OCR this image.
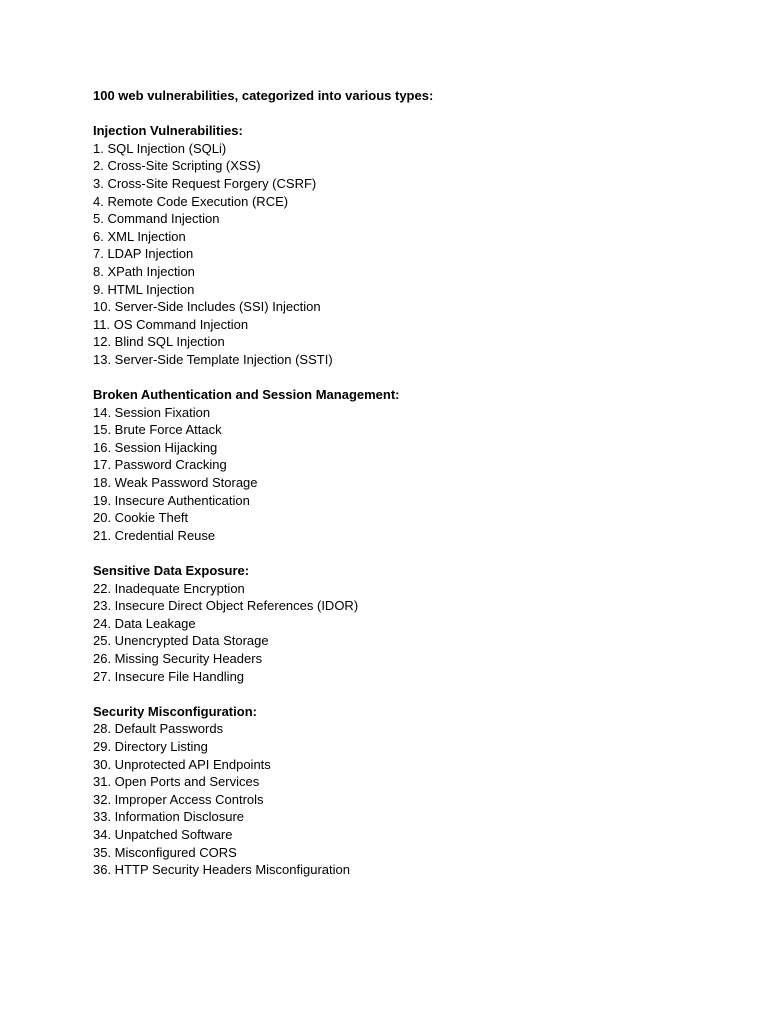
100 web vulnerabilities, categorized into various types:

Injection Vulnerabilities:

1. SQL Injection (SQLi)
2. Cross-Site Scripting (XSS)
3. Cross-Site Request Forgery (CSRF)
4. Remote Code Execution (RCE)
5. Command Injection
6. XML Injection
7. LDAP Injection
8. XPath Injection
9. HTML Injection
10. Server-Side Includes (SSI) Injection
11. OS Command Injection
12. Blind SQL Injection
13. Server-Side Template Injection (SSTI)

Broken Authentication and Session Management:

14. Session Fixation
15. Brute Force Attack
16. Session Hijacking
17. Password Cracking
18. Weak Password Storage
19. Insecure Authentication
20. Cookie Theft
21. Credential Reuse

Sensitive Data Exposure:

22. Inadequate Encryption
23. Insecure Direct Object References (IDOR)
24. Data Leakage
25. Unencrypted Data Storage
26. Missing Security Headers
27. Insecure File Handling

Security Misconfiguration:

28. Default Passwords
29. Directory Listing
30. Unprotected API Endpoints
31. Open Ports and Services
32. Improper Access Controls
33. Information Disclosure
34. Unpatched Software
35. Misconfigured CORS
36. HTTP Security Headers Misconfiguration
